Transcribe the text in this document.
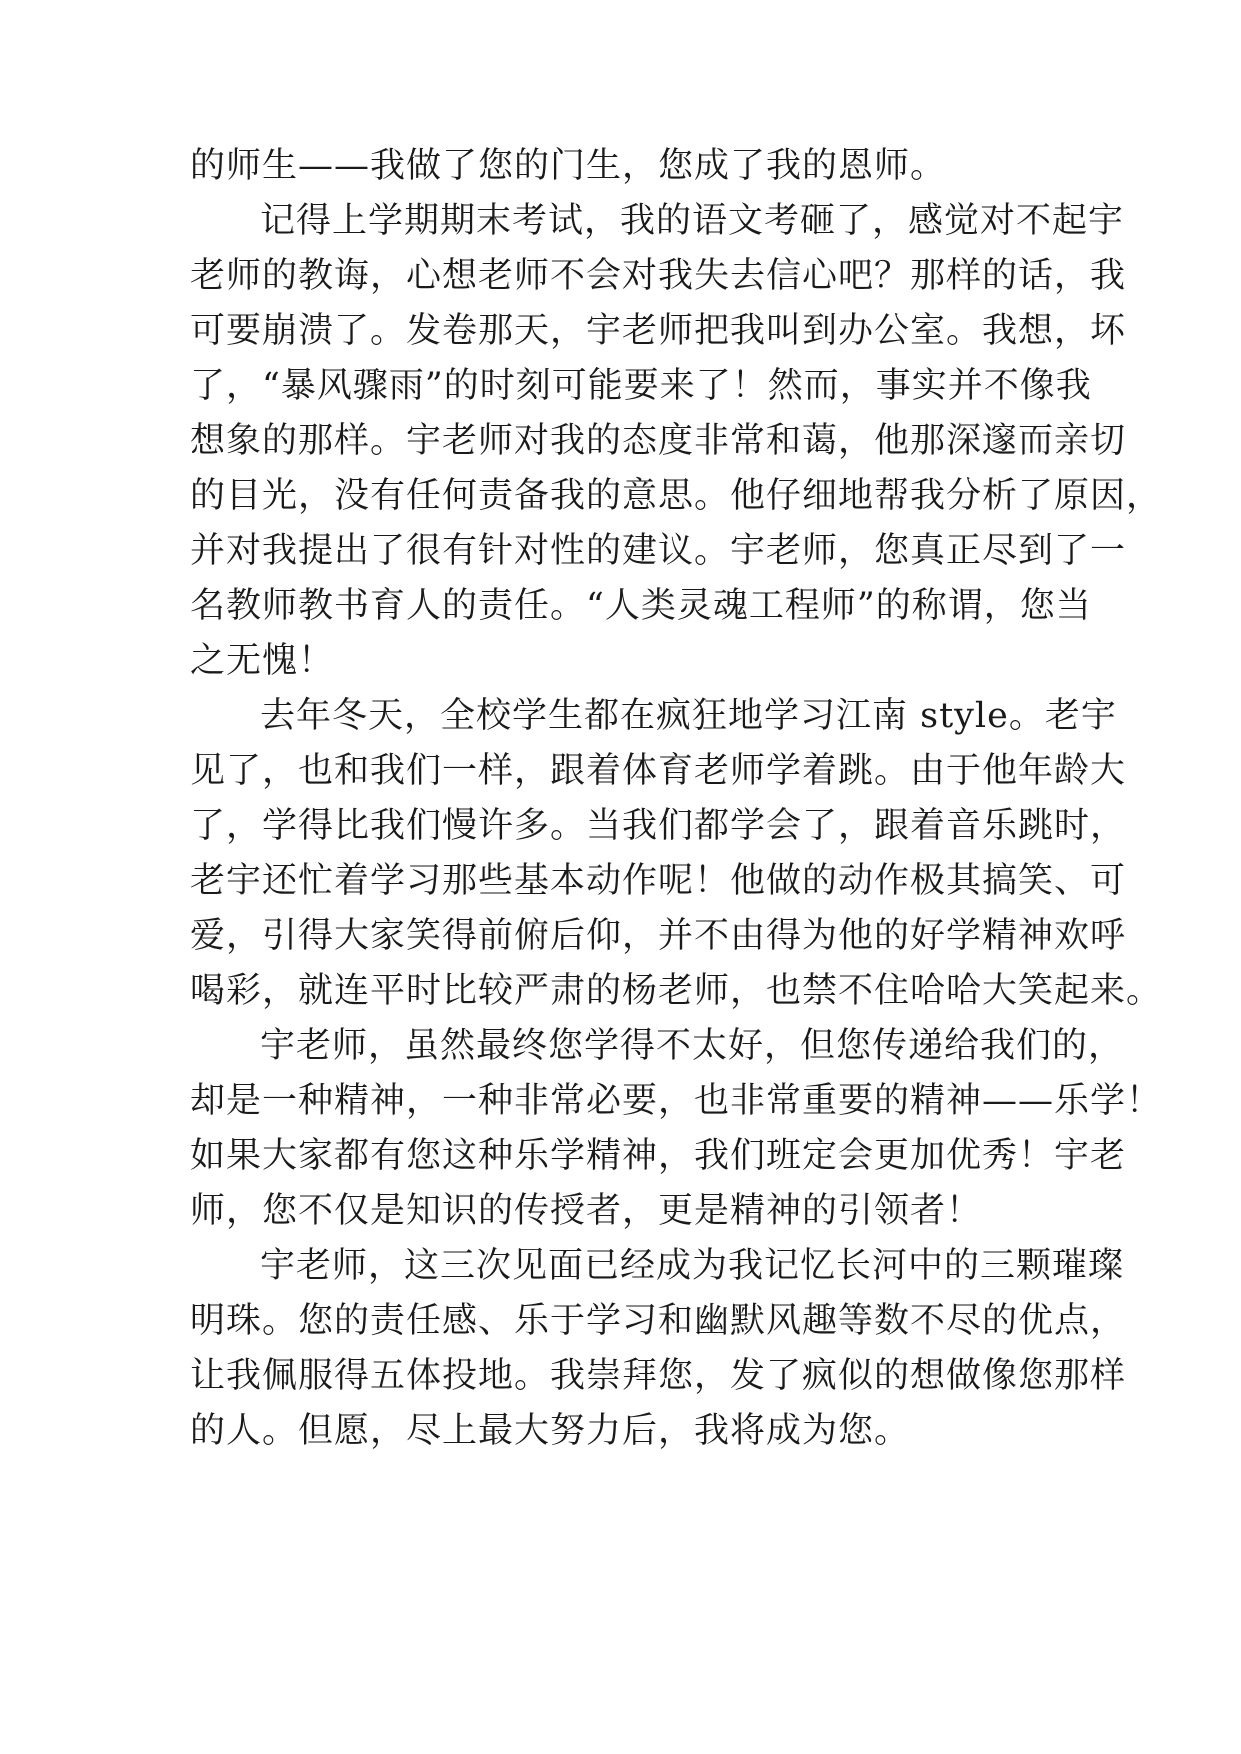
的师生——我做了您的门生，您成了我的恩师。
记得上学期期末考试，我的语文考砸了，感觉对不起宇
老师的教诲，心想老师不会对我失去信心吧？那样的话，我
可要崩溃了。发卷那天，宇老师把我叫到办公室。我想，坏
了，“暴风骤雨”的时刻可能要来了！然而，事实并不像我
想象的那样。宇老师对我的态度非常和蔼，他那深邃而亲切
的目光，没有任何责备我的意思。他仔细地帮我分析了原因，
并对我提出了很有针对性的建议。宇老师，您真正尽到了一
名教师教书育人的责任。“人类灵魂工程师”的称谓，您当
之无愧！
去年冬天，全校学生都在疯狂地学习江南 style。老宇
见了，也和我们一样，跟着体育老师学着跳。由于他年龄大
了，学得比我们慢许多。当我们都学会了，跟着音乐跳时，
老宇还忙着学习那些基本动作呢！他做的动作极其搞笑、可
爱，引得大家笑得前俯后仰，并不由得为他的好学精神欢呼
喝彩，就连平时比较严肃的杨老师，也禁不住哈哈大笑起来。
宇老师，虽然最终您学得不太好，但您传递给我们的，
却是一种精神，一种非常必要，也非常重要的精神——乐学！
如果大家都有您这种乐学精神，我们班定会更加优秀！宇老
师，您不仅是知识的传授者，更是精神的引领者！
宇老师，这三次见面已经成为我记忆长河中的三颗璀璨
明珠。您的责任感、乐于学习和幽默风趣等数不尽的优点，
让我佩服得五体投地。我崇拜您，发了疯似的想做像您那样
的人。但愿，尽上最大努力后，我将成为您。
